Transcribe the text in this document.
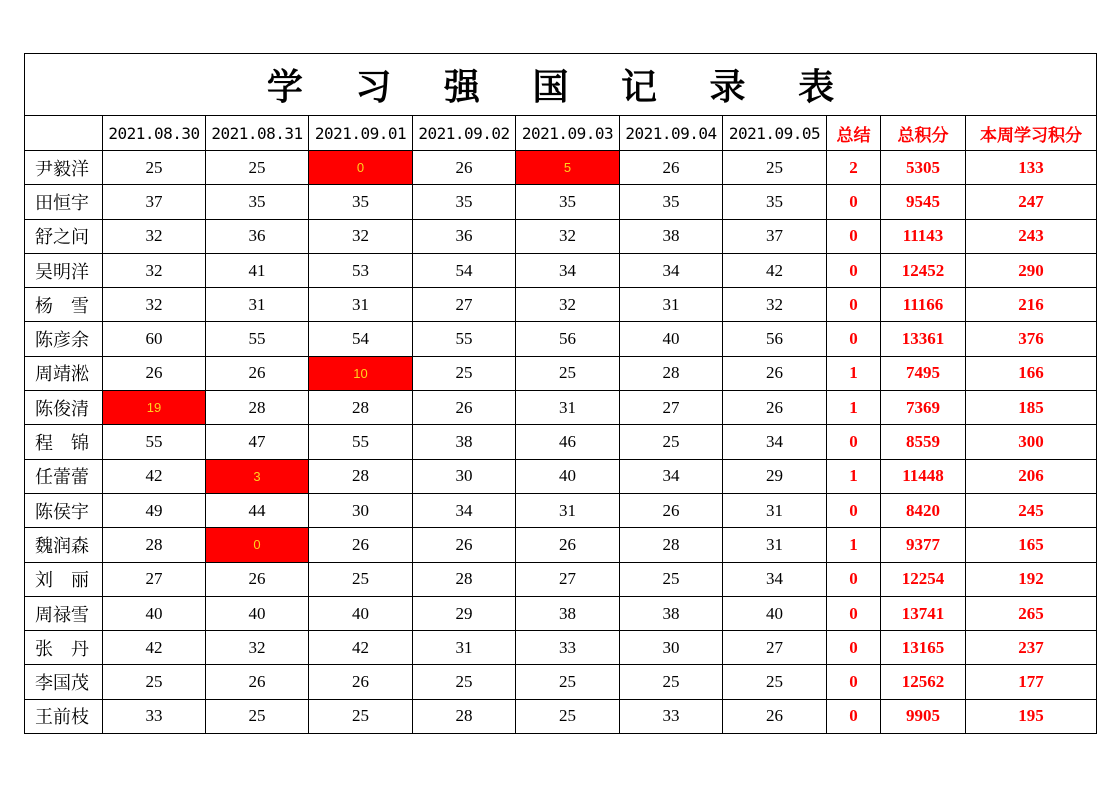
学 习 强 国 记 录 表										
	2021.08.30	2021.08.31	2021.09.01	2021.09.02	2021.09.03	2021.09.04	2021.09.05	总结	总积分	本周学习积分
尹毅洋	25	25	0	26	5	26	25	2	5305	133
田恒宇	37	35	35	35	35	35	35	0	9545	247
舒之问	32	36	32	36	32	38	37	0	11143	243
吴明洋	32	41	53	54	34	34	42	0	12452	290
杨　雪	32	31	31	27	32	31	32	0	11166	216
陈彦余	60	55	54	55	56	40	56	0	13361	376
周靖淞	26	26	10	25	25	28	26	1	7495	166
陈俊清	19	28	28	26	31	27	26	1	7369	185
程　锦	55	47	55	38	46	25	34	0	8559	300
任蕾蕾	42	3	28	30	40	34	29	1	11448	206
陈侯宇	49	44	30	34	31	26	31	0	8420	245
魏润森	28	0	26	26	26	28	31	1	9377	165
刘　丽	27	26	25	28	27	25	34	0	12254	192
周禄雪	40	40	40	29	38	38	40	0	13741	265
张　丹	42	32	42	31	33	30	27	0	13165	237
李国茂	25	26	26	25	25	25	25	0	12562	177
王前枝	33	25	25	28	25	33	26	0	9905	195
